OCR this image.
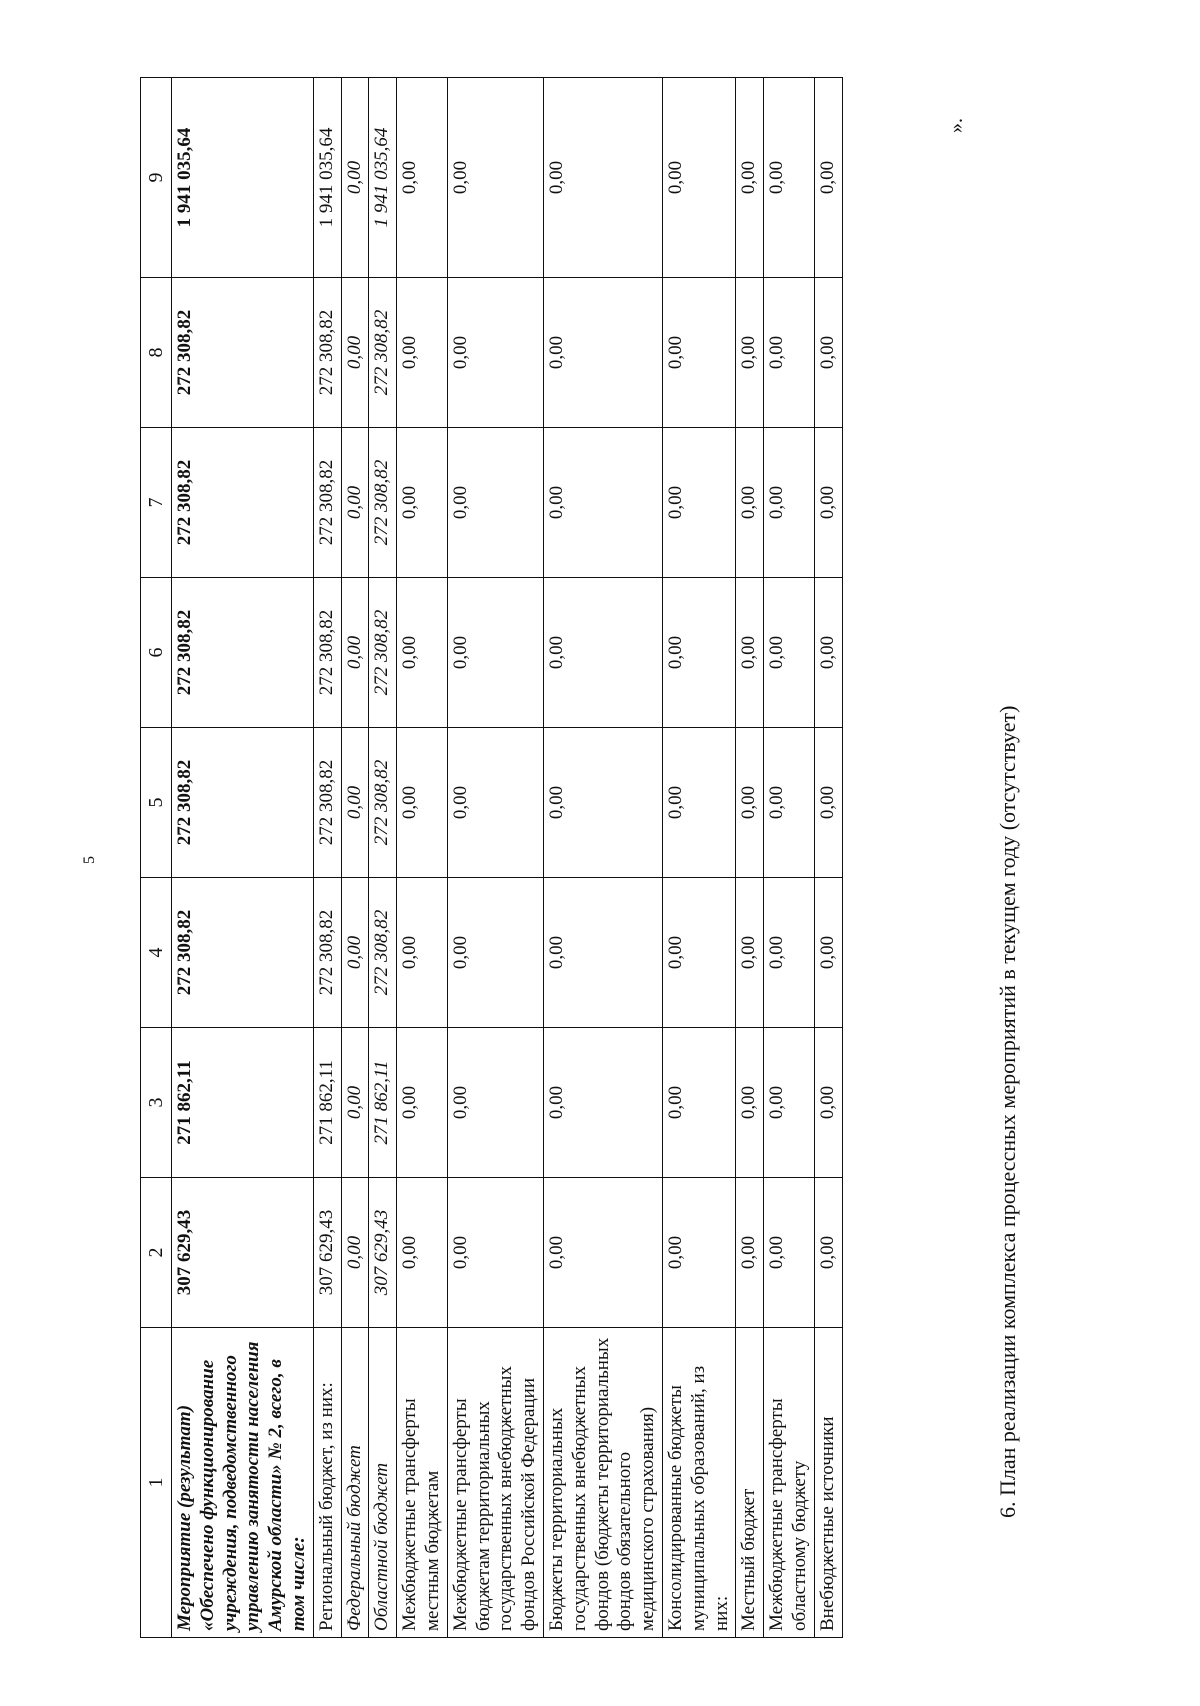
5
1	2	3	4	5	6	7	8	9
Мероприятие (результат) «Обеспечено функционирование учреждения, подведомственного управлению занятости населения Амурской области» № 2, всего, в том числе:	307 629,43	271 862,11	272 308,82	272 308,82	272 308,82	272 308,82	272 308,82	1 941 035,64
Региональный бюджет, из них:	307 629,43	271 862,11	272 308,82	272 308,82	272 308,82	272 308,82	272 308,82	1 941 035,64
Федеральный бюджет	0,00	0,00	0,00	0,00	0,00	0,00	0,00	0,00
Областной бюджет	307 629,43	271 862,11	272 308,82	272 308,82	272 308,82	272 308,82	272 308,82	1 941 035,64
Межбюджетные трансферты местным бюджетам	0,00	0,00	0,00	0,00	0,00	0,00	0,00	0,00
Межбюджетные трансферты бюджетам территориальных государственных внебюджетных фондов Российской Федерации	0,00	0,00	0,00	0,00	0,00	0,00	0,00	0,00
Бюджеты территориальных государственных внебюджетных фондов (бюджеты территориальных фондов обязательного медицинского страхования)	0,00	0,00	0,00	0,00	0,00	0,00	0,00	0,00
Консолидированные бюджеты муниципальных образований, из них:	0,00	0,00	0,00	0,00	0,00	0,00	0,00	0,00
Местный бюджет	0,00	0,00	0,00	0,00	0,00	0,00	0,00	0,00
Межбюджетные трансферты областному бюджету	0,00	0,00	0,00	0,00	0,00	0,00	0,00	0,00
Внебюджетные источники	0,00	0,00	0,00	0,00	0,00	0,00	0,00	0,00
».
6. План реализации комплекса процессных мероприятий в текущем году (отсутствует)
